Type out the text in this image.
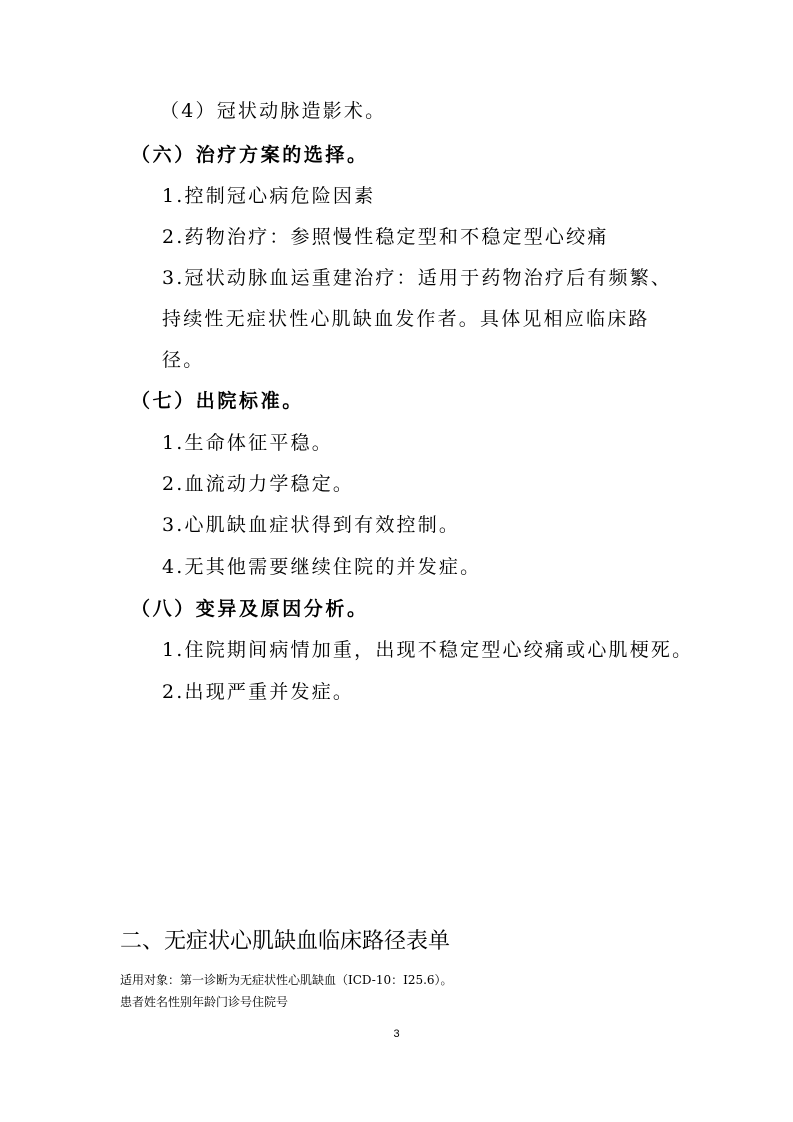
（4）冠状动脉造影术。
（六）治疗方案的选择。
1.控制冠心病危险因素
2.药物治疗：参照慢性稳定型和不稳定型心绞痛
3.冠状动脉血运重建治疗：适用于药物治疗后有频繁、
持续性无症状性心肌缺血发作者。具体见相应临床路
径。
（七）出院标准。
1.生命体征平稳。
2.血流动力学稳定。
3.心肌缺血症状得到有效控制。
4.无其他需要继续住院的并发症。
（八）变异及原因分析。
1.住院期间病情加重，出现不稳定型心绞痛或心肌梗死。
2.出现严重并发症。
二、无症状心肌缺血临床路径表单
适用对象：第一诊断为无症状性心肌缺血（ICD-10：I25.6）。
患者姓名性别年龄门诊号住院号
3
